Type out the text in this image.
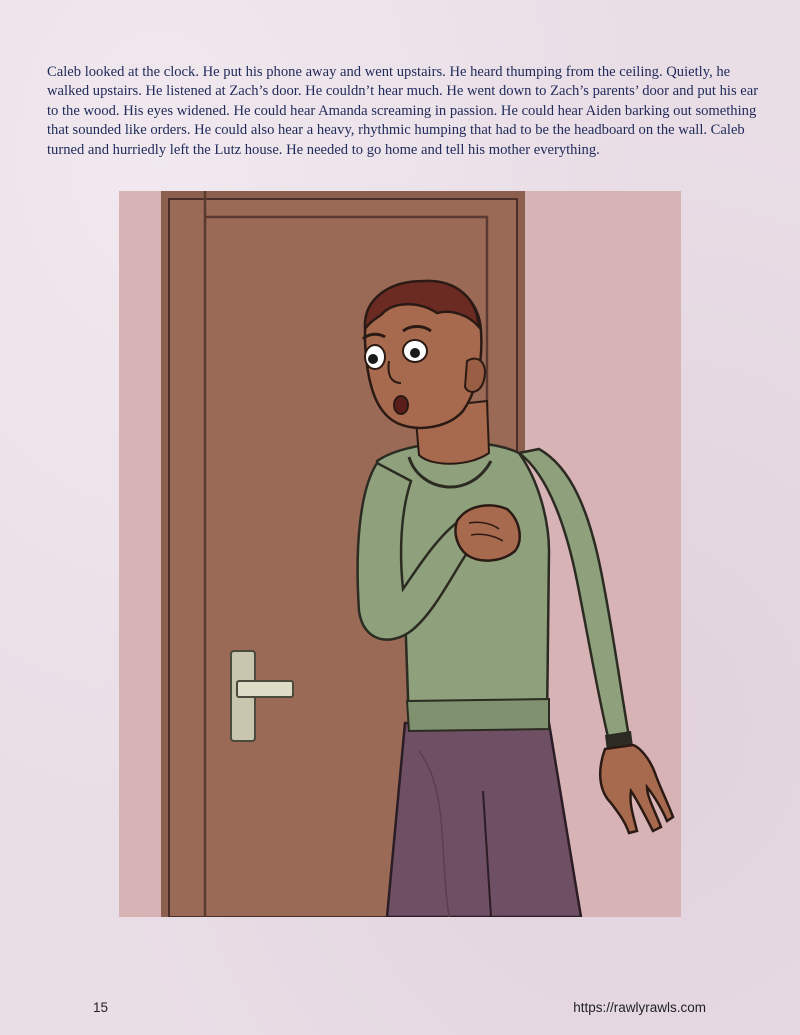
Caleb looked at the clock. He put his phone away and went upstairs. He heard thumping from the ceiling. Quietly, he walked upstairs. He listened at Zach’s door. He couldn’t hear much. He went down to Zach’s parents’ door and put his ear to the wood. His eyes widened. He could hear Amanda screaming in passion. He could hear Aiden barking out something that sounded like orders. He could also hear a heavy, rhythmic humping that had to be the headboard on the wall. Caleb turned and hurriedly left the Lutz house. He needed to go home and tell his mother everything.

15	https://rawlyrawls.com
